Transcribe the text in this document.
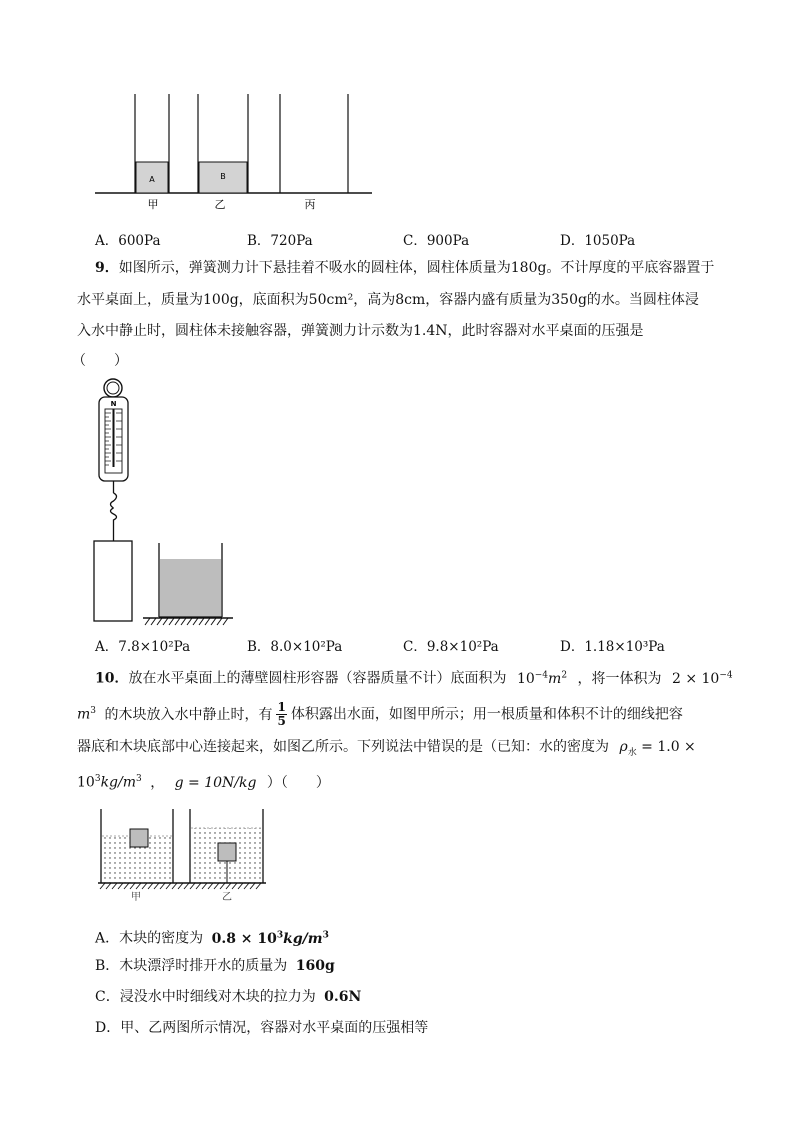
A	B
甲	乙	丙
A．600Pa	B．720Pa	C．900Pa	D．1050Pa
9．如图所示，弹簧测力计下悬挂着不吸水的圆柱体，圆柱体质量为180g。不计厚度的平底容器置于
水平桌面上，质量为100g，底面积为50cm²，高为8cm，容器内盛有质量为350g的水。当圆柱体浸
入水中静止时，圆柱体未接触容器，弹簧测力计示数为1.4N，此时容器对水平桌面的压强是
（　　）
N
A．7.8×10²Pa	B．8.0×10²Pa	C．9.8×10²Pa	D．1.18×10³Pa
10．放在水平桌面上的薄壁圆柱形容器（容器质量不计）底面积为 $10^{-4}m^2$ ，将一体积为 $2 \times 10^{-4}$
$m^3$ 的木块放入水中静止时，有 $\frac{1}{5}$ 体积露出水面，如图甲所示；用一根质量和体积不计的细线把容
器底和木块底部中心连接起来，如图乙所示。下列说法中错误的是（已知：水的密度为 $\rho_水 = 1.0$ ×
$10^3kg/m^3$ ， g = 10N/kg ）（　　）
甲	乙
A．木块的密度为 $0.8 \times 10^3kg/m^3$
B．木块漂浮时排开水的质量为 160g
C．浸没水中时细线对木块的拉力为 0.6N
D．甲、乙两图所示情况，容器对水平桌面的压强相等
